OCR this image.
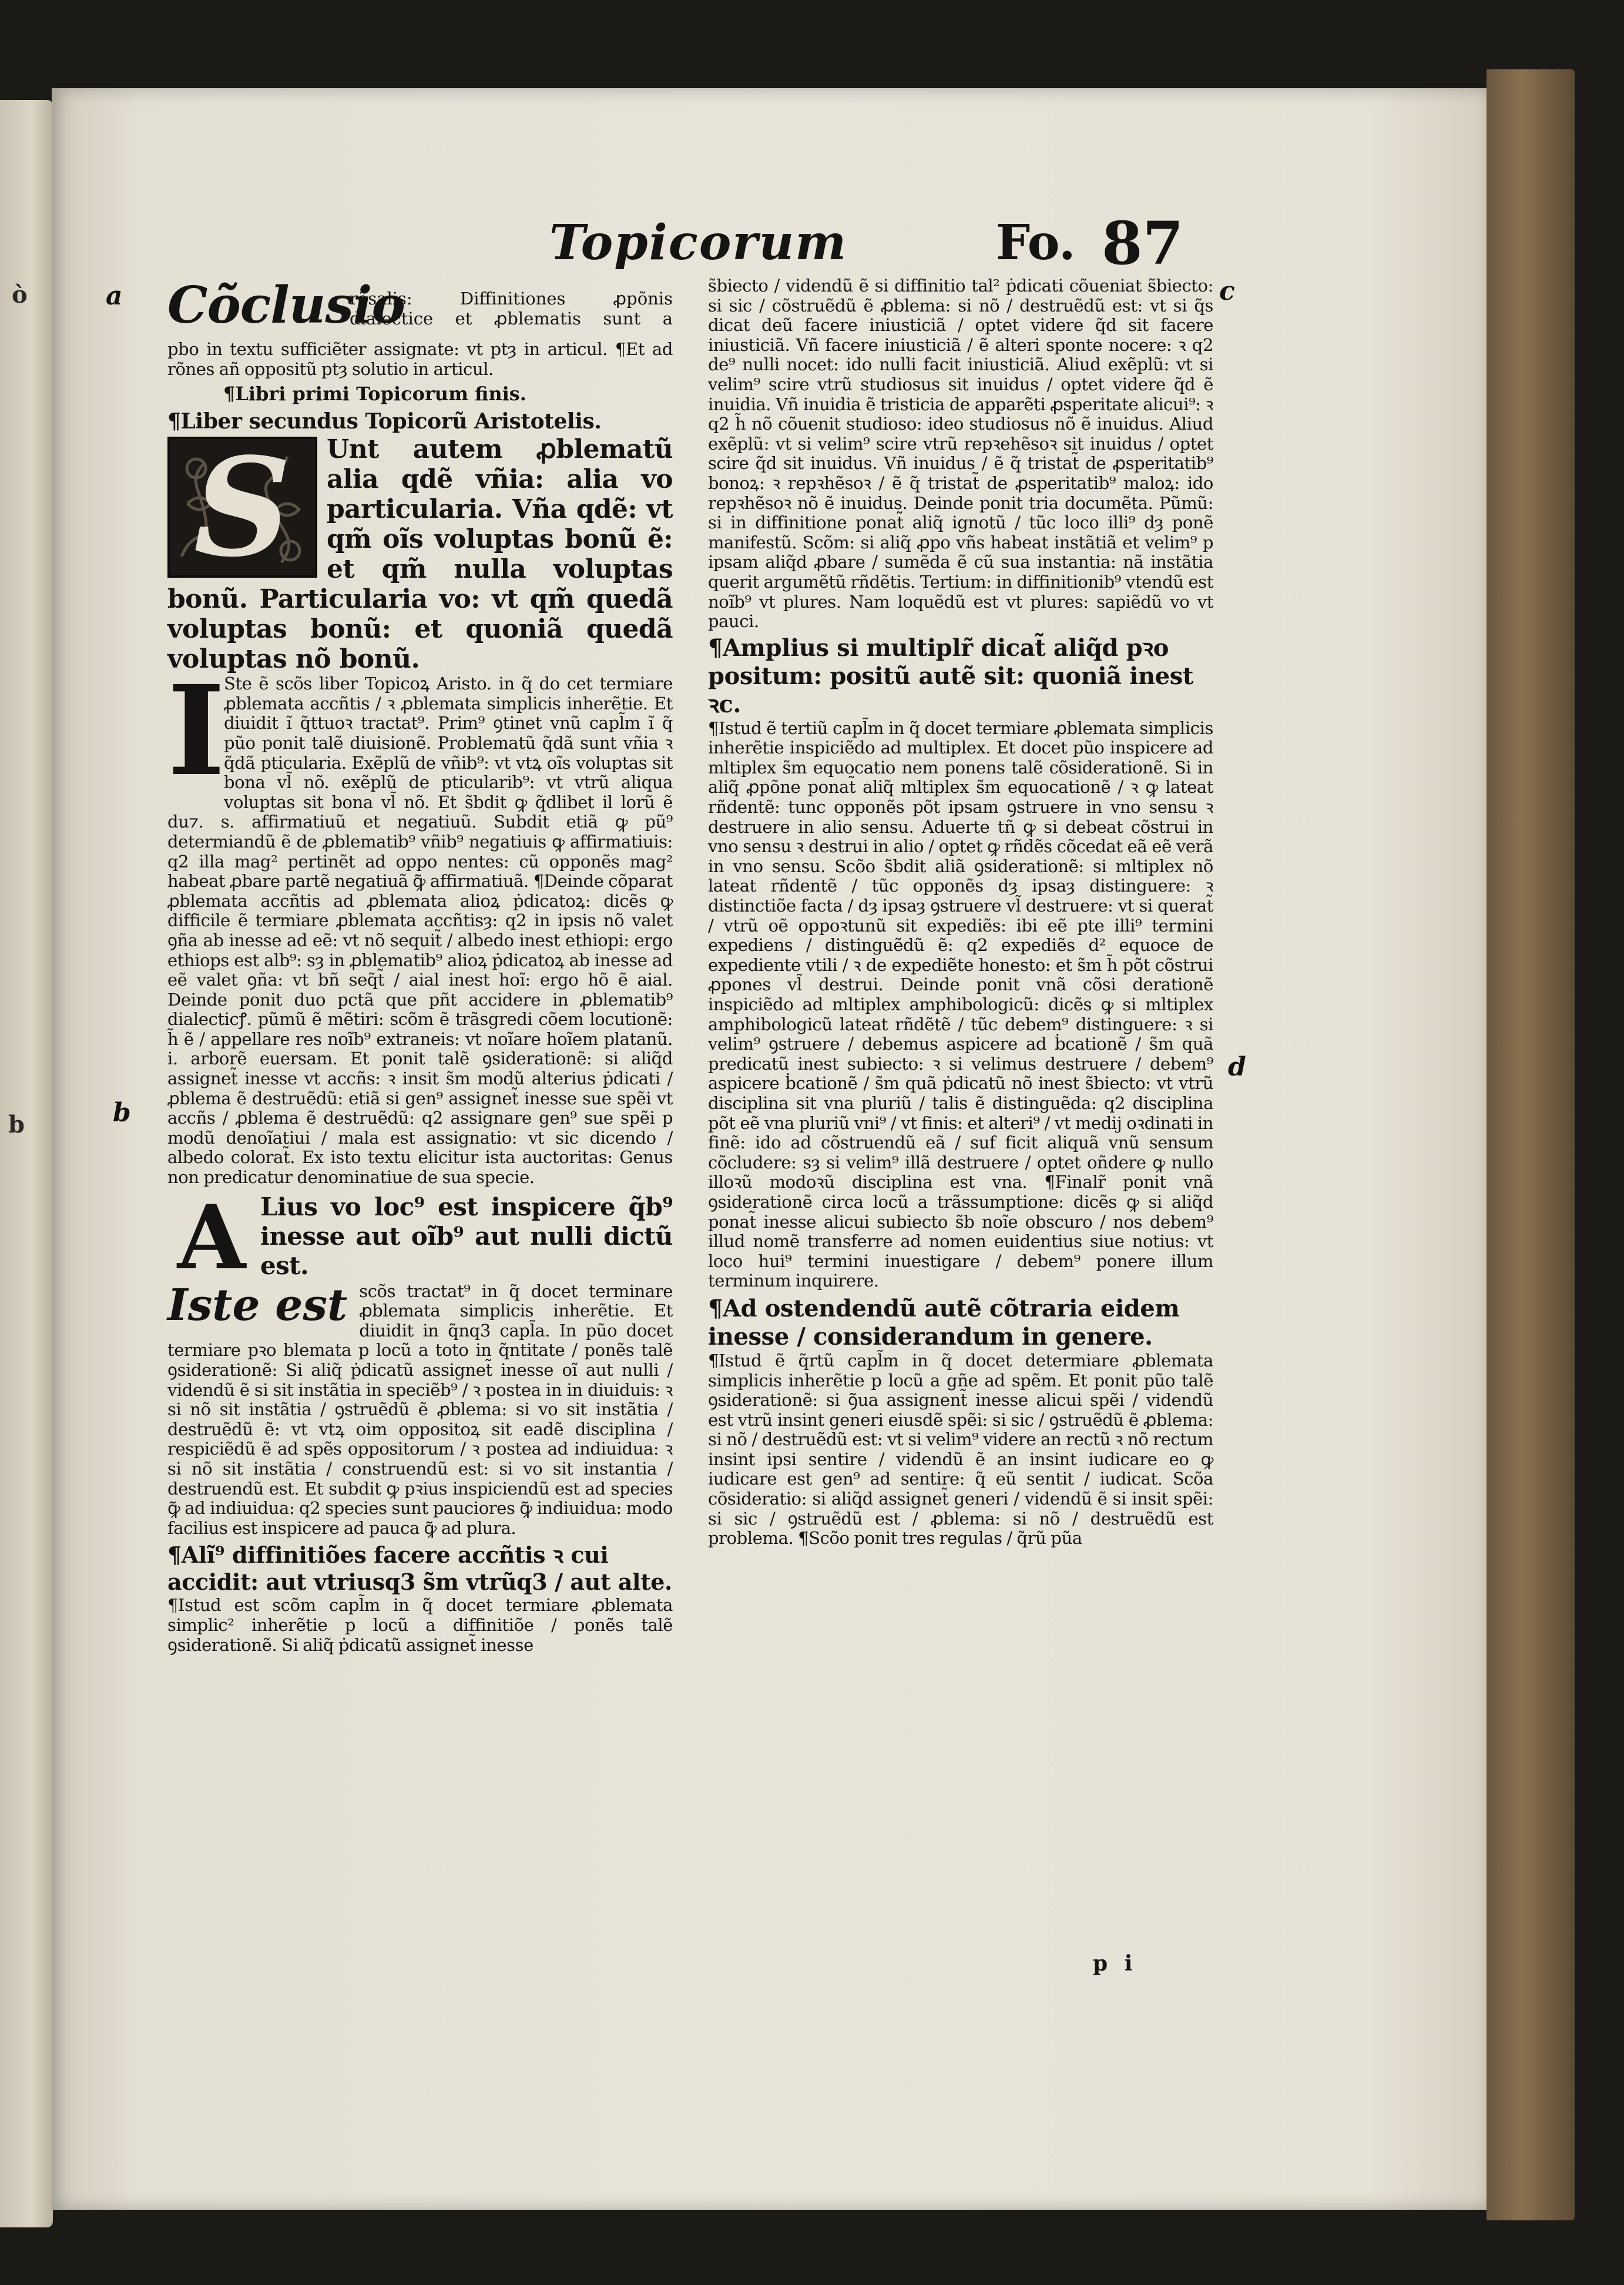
ò
b
Topicorum	Fo. 87
a
b
c
d
Cõclusio
rõsalis: Diffinitiones ꝓpõnis dialectice et ꝓblematis sunt a

pbo in textu sufficiẽter assignate: vt ptȝ in articul. ¶Et ad rõnes añ oppositũ ptȝ solutio in articul.

¶Libri primi Topicorum finis.

¶Liber secundus Topicorũ Aristotelis.

S	Unt autem ꝓblematũ alia qdẽ vñia: alia vo particularia. Vña qdẽ: vt qm̃ oĩs voluptas bonũ ẽ: et qm̃ nulla voluptas bonũ. Particularia vo: vt qm̃ quedã voluptas bonũ: et quoniã quedã voluptas nõ bonũ.

I

Ste ẽ scõs liber Topicoꝝ Aristo. in q̃ do cet termiare ꝓblemata accñtis / ꝛ ꝓblemata simplicis inherẽtie. Et diuidit ĩ q̃ttuoꝛ tractat⁹. Prim⁹ ꝯtinet vnũ capl̃m ĩ q̃ pũo ponit talẽ diuisionẽ. Problematũ q̃dã sunt vñia ꝛ q̃dã pticularia. Exẽplũ de vñib⁹: vt vtꝝ oĩs voluptas sit bona vl̃ nõ. exẽplũ de pticularib⁹: vt vtrũ aliqua voluptas sit bona vl̃ nõ. Et s̃bdit ꝙ q̃dlibet il lorũ ẽ du⁊. s. affirmatiuũ et negatiuũ. Subdit etiã ꝙ pũ⁹ determiandũ ẽ de ꝓblematib⁹ vñib⁹ negatiuis ꝙ affirmatiuis: q2 illa mag² pertinẽt ad oppo nentes: cũ opponẽs mag² habeat ꝓbare partẽ negatiuã ꝙ̃ affirmatiuã. ¶Deinde cõparat ꝓblemata accñtis ad ꝓblemata alioꝝ ṗdicatoꝝ: dicẽs ꝙ difficile ẽ termiare ꝓblemata accñtisȝ: q2 in ipsis nõ valet ꝯña ab inesse ad eẽ: vt nõ sequit̃ / albedo inest ethiopi: ergo ethiops est alb⁹: sȝ in ꝓblematib⁹ alioꝝ ṗdicatoꝝ ab inesse ad eẽ valet ꝯña: vt bñ seq̃t̃ / aial inest hoĩ: ergo hõ ẽ aial. Deinde ponit duo pctã que pñt accidere in ꝓblematib⁹ dialecticꝭ. pũmũ ẽ mẽtiri: scõm ẽ trãsgredi cõem locutionẽ: h̃ ẽ / appellare res noĩb⁹ extraneis: vt noĩare hoĩem platanũ. i. arborẽ euersam. Et ponit talẽ ꝯsiderationẽ: si aliq̃d assignet̃ inesse vt accñs: ꝛ insit s̃m modũ alterius ṗdicati / ꝓblema ẽ destruẽdũ: etiã si gen⁹ assignet̃ inesse sue spẽi vt accñs / ꝓblema ẽ destruẽdũ: q2 assignare gen⁹ sue spẽi p modũ denoĩatiui / mala est assignatio: vt sic dicendo / albedo colorat̃. Ex isto textu elicitur ista auctoritas: Genus non predicatur denominatiue de sua specie.

A Lius vo loc⁹ est inspicere q̃b⁹ inesse aut oĩb⁹ aut nulli dictũ est.

Iste est scõs tractat⁹ in q̃ docet terminare ꝓblemata simplicis inherẽtie. Et diuidit in q̃nq3 capl̃a. In pũo docet termiare pꝛo blemata p locũ a toto in q̃ntitate / ponẽs talẽ ꝯsiderationẽ: Si aliq̃ ṗdicatũ assignet̃ inesse oĩ aut nulli / videndũ ẽ si sit instãtia in speciẽb⁹ / ꝛ postea in in diuiduis: ꝛ si nõ sit instãtia / ꝯstruẽdũ ẽ ꝓblema: si vo sit instãtia / destruẽdũ ẽ: vt vtꝝ oim oppositoꝝ sit eadẽ disciplina / respiciẽdũ ẽ ad spẽs oppositorum / ꝛ postea ad indiuidua: ꝛ si nõ sit instãtia / construendũ est: si vo sit instantia / destruendũ est. Et subdit ꝙ pꝛius inspiciendũ est ad species ꝙ̃ ad indiuidua: q2 species sunt pauciores ꝙ̃ indiuidua: modo facilius est inspicere ad pauca ꝙ̃ ad plura.

¶Alĩ⁹ diffinitiões facere accñtis ꝛ cui accidit: aut vtriusq3 s̃m vtrũq3 / aut alte.

¶Istud est scõm capl̃m in q̃ docet termiare ꝓblemata simplic² inherẽtie p locũ a diffinitiõe / ponẽs talẽ ꝯsiderationẽ. Si aliq̃ ṗdicatũ assignet̃ inesse

s̃biecto / videndũ ẽ si diffinitio tal² ṗdicati cõueniat s̃biecto: si sic / cõstruẽdũ ẽ ꝓblema: si nõ / destruẽdũ est: vt si q̃s dicat deũ facere iniusticiã / optet videre q̃d sit facere iniusticiã. Vñ facere iniusticiã / ẽ alteri sponte nocere: ꝛ q2 de⁹ nulli nocet: ido nulli facit iniusticiã. Aliud exẽplũ: vt si velim⁹ scire vtrũ studiosus sit inuidus / optet videre q̃d ẽ inuidia. Vñ inuidia ẽ tristicia de apparẽti ꝓsperitate alicui⁹: ꝛ q2 h̃ nõ cõuenit studioso: ideo studiosus nõ ẽ inuidus. Aliud exẽplũ: vt si velim⁹ scire vtrũ repꝛehẽsoꝛ sit inuidus / optet scire q̃d sit inuidus. Vñ inuidus / ẽ q̃ tristat̃ de ꝓsperitatib⁹ bonoꝝ: ꝛ repꝛhẽsoꝛ / ẽ q̃ tristat̃ de ꝓsperitatib⁹ maloꝝ: ido repꝛhẽsoꝛ nõ ẽ inuidus. Deinde ponit tria documẽta. Pũmũ: si in diffinitione ponat̃ aliq̃ ignotũ / tũc loco illi⁹ dȝ ponẽ manifestũ. Scõm: si aliq̃ ꝓpo vñs habeat instãtiã et velim⁹ p ipsam aliq̃d ꝓbare / sumẽda ẽ cũ sua instantia: nã instãtia querit argumẽtũ rñdẽtis. Tertium: in diffinitionib⁹ vtendũ est noĩb⁹ vt plures. Nam loquẽdũ est vt plures: sapiẽdũ vo vt pauci.

¶Amplius si multiplr̃ dicat̃ aliq̃d pꝛo positum: positũ autẽ sit: quoniã inest ꝛc.

¶Istud ẽ tertiũ capl̃m in q̃ docet termiare ꝓblemata simplicis inherẽtie inspiciẽdo ad multiplex. Et docet pũo inspicere ad mltiplex s̃m equocatio nem ponens talẽ cõsiderationẽ. Si in aliq̃ ꝓpõne ponat̃ aliq̃ mltiplex s̃m equocationẽ / ꝛ ꝙ lateat rñdentẽ: tunc opponẽs põt ipsam ꝯstruere in vno sensu ꝛ destruere in alio sensu. Aduerte tñ ꝙ si debeat cõstrui in vno sensu ꝛ destrui in alio / optet ꝙ rñdẽs cõcedat eã eẽ verã in vno sensu. Scõo s̃bdit aliã ꝯsiderationẽ: si mltiplex nõ lateat rñdentẽ / tũc opponẽs dȝ ipsaȝ distinguere: ꝛ distinctiõe facta / dȝ ipsaȝ ꝯstruere vl̃ destruere: vt si querat̃ / vtrũ oẽ oppoꝛtunũ sit expediẽs: ibi eẽ pte illi⁹ termini expediens / distinguẽdũ ẽ: q2 expediẽs d² equoce de expediente vtili / ꝛ de expediẽte honesto: et s̃m h̃ põt cõstrui ꝓpones vl̃ destrui. Deinde ponit vnã cõsi derationẽ inspiciẽdo ad mltiplex amphibologicũ: dicẽs ꝙ si mltiplex amphibologicũ lateat rñdẽtẽ / tũc debem⁹ distinguere: ꝛ si velim⁹ ꝯstruere / debemus aspicere ad ḃcationẽ / s̃m quã predicatũ inest subiecto: ꝛ si velimus destruere / debem⁹ aspicere ḃcationẽ / s̃m quã ṗdicatũ nõ inest s̃biecto: vt vtrũ disciplina sit vna pluriũ / talis ẽ distinguẽda: q2 disciplina põt eẽ vna pluriũ vni⁹ / vt finis: et alteri⁹ / vt medij oꝛdinati in finẽ: ido ad cõstruendũ eã / suf ficit aliquã vnũ sensum cõcludere: sȝ si velim⁹ illã destruere / optet oñdere ꝙ nullo illoꝛũ modoꝛũ disciplina est vna. ¶Finalr̃ ponit vnã ꝯsiderationẽ circa locũ a trãssumptione: dicẽs ꝙ si aliq̃d ponat̃ inesse alicui subiecto s̃b noĩe obscuro / nos debem⁹ illud nomẽ transferre ad nomen euidentius siue notius: vt loco hui⁹ termini inuestigare / debem⁹ ponere illum terminum inquirere.

¶Ad ostendendũ autẽ cõtraria eidem inesse / considerandum in genere.

¶Istud ẽ q̃rtũ capl̃m in q̃ docet determiare ꝓblemata simplicis inherẽtie p locũ a gñe ad spẽm. Et ponit pũo talẽ ꝯsiderationẽ: si ꝯ̃ua assignent̃ inesse alicui spẽi / videndũ est vtrũ insint generi eiusdẽ spẽi: si sic / ꝯstruẽdũ ẽ ꝓblema: si nõ / destruẽdũ est: vt si velim⁹ videre an rectũ ꝛ nõ rectum insint ipsi sentire / videndũ ẽ an insint iudicare eo ꝙ iudicare est gen⁹ ad sentire: q̃ eũ sentit / iudicat. Scõa cõsideratio: si aliq̃d assignet̃ generi / videndũ ẽ si insit spẽi: si sic / ꝯstruẽdũ est / ꝓblema: si nõ / destruẽdũ est problema. ¶Scõo ponit tres regulas / q̃rũ pũa

p i
